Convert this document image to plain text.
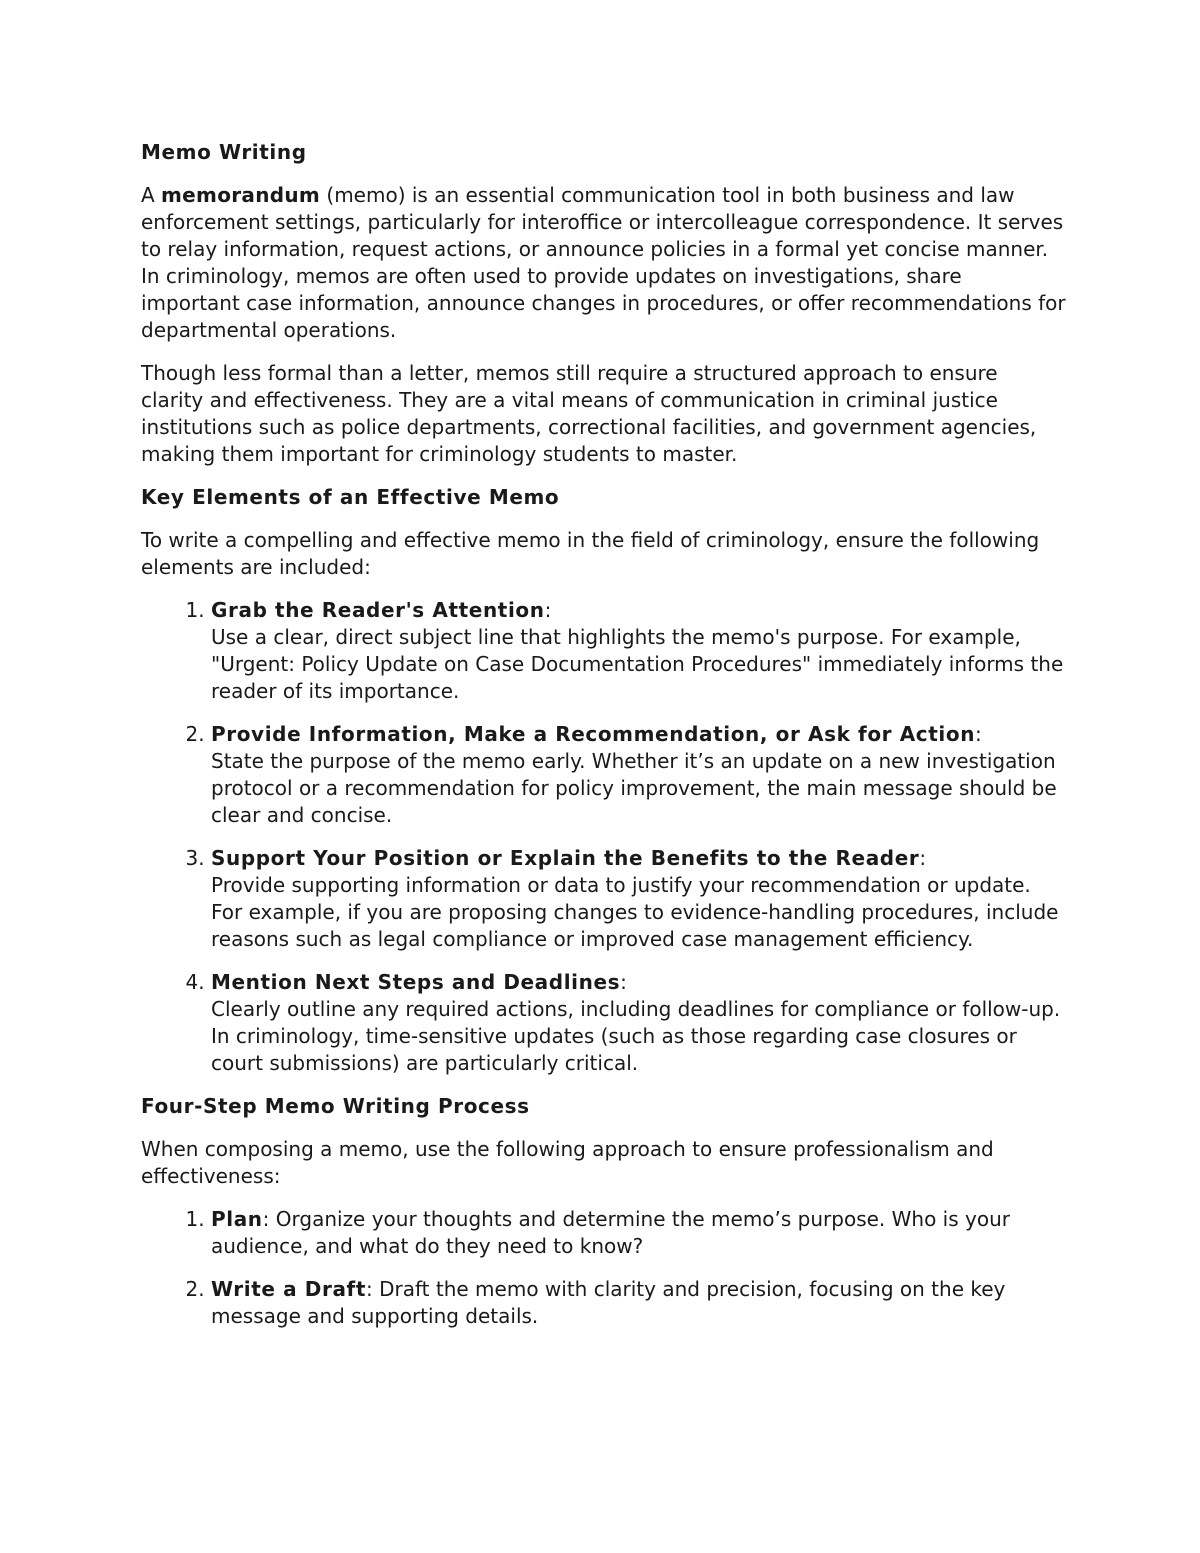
Memo Writing

A memorandum (memo) is an essential communication tool in both business and law enforcement settings, particularly for interoffice or intercolleague correspondence. It serves to relay information, request actions, or announce policies in a formal yet concise manner. In criminology, memos are often used to provide updates on investigations, share important case information, announce changes in procedures, or offer recommendations for departmental operations.

Though less formal than a letter, memos still require a structured approach to ensure clarity and effectiveness. They are a vital means of communication in criminal justice institutions such as police departments, correctional facilities, and government agencies, making them important for criminology students to master.

Key Elements of an Effective Memo

To write a compelling and effective memo in the field of criminology, ensure the following elements are included:

1. Grab the Reader's Attention:
Use a clear, direct subject line that highlights the memo's purpose. For example, "Urgent: Policy Update on Case Documentation Procedures" immediately informs the reader of its importance.
2. Provide Information, Make a Recommendation, or Ask for Action:
State the purpose of the memo early. Whether it’s an update on a new investigation protocol or a recommendation for policy improvement, the main message should be clear and concise.
3. Support Your Position or Explain the Benefits to the Reader:
Provide supporting information or data to justify your recommendation or update. For example, if you are proposing changes to evidence-handling procedures, include reasons such as legal compliance or improved case management efficiency.
4. Mention Next Steps and Deadlines:
Clearly outline any required actions, including deadlines for compliance or follow-up. In criminology, time-sensitive updates (such as those regarding case closures or court submissions) are particularly critical.
Four-Step Memo Writing Process

When composing a memo, use the following approach to ensure professionalism and effectiveness:

1. Plan: Organize your thoughts and determine the memo’s purpose. Who is your audience, and what do they need to know?
2. Write a Draft: Draft the memo with clarity and precision, focusing on the key message and supporting details.
